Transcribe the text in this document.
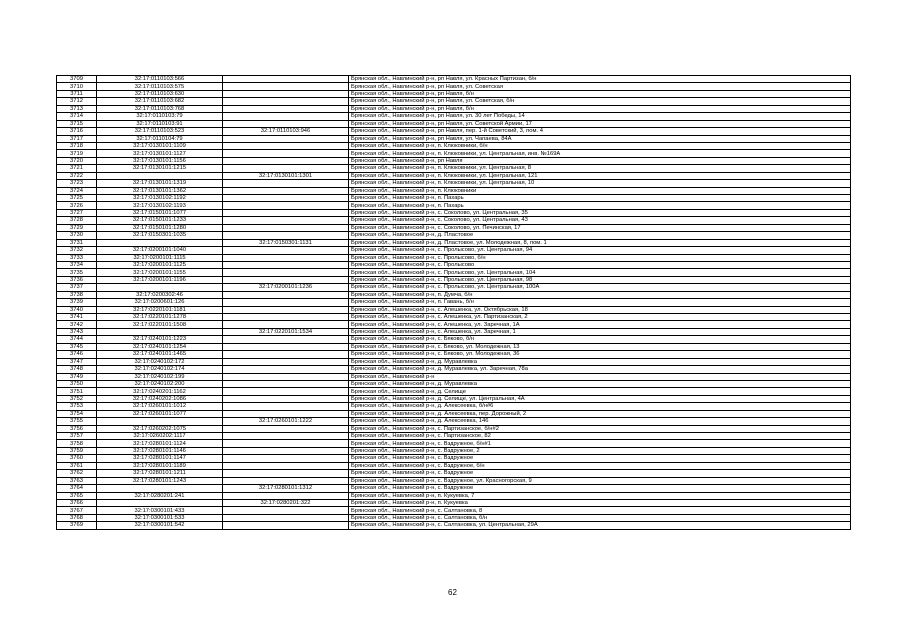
3709	32:17:0110103:566		Брянская обл., Навлинский р-н, рп Навля, ул. Красных Партизан, б/н
3710	32:17:0110103:575		Брянская обл., Навлинский р-н, рп Навля, ул. Советская
3711	32:17:0110103:630		Брянская обл., Навлинский р-н, рп Навля, б/н
3712	32:17:0110103:682		Брянская обл., Навлинский р-н, рп Навля, ул. Советская, б/н
3713	32:17:0110103:768		Брянская обл., Навлинский р-н, рп Навля, б/н
3714	32:17:0110103:79		Брянская обл., Навлинский р-н, рп Навля, ул. 30 лет Победы, 14
3715	32:17:0110103:91		Брянская обл., Навлинский р-н, рп Навля, ул. Советской Армии, 17
3716	32:17:0110103:523	32:17:0110103:946	Брянская обл., Навлинский р-н, рп Навля, пер. 1-й Советский, 3, пом. 4
3717	32:17:0110104:79		Брянская обл., Навлинский р-н, рп Навля, ул. Чапаева, 84А
3718	32:17:0130101:1109		Брянская обл., Навлинский р-н, п. Клюковники, б/н
3719	32:17:0130101:1127		Брянская обл., Навлинский р-н, п. Клюковники, ул. Центральная, инв. №169А
3720	32:17:0130101:1156		Брянская обл., Навлинский р-н, рп Навля
3721	32:17:0130101:1215		Брянская обл., Навлинский р-н, п. Клюковники, ул. Центральная, 8
3722		32:17:0130101:1301	Брянская обл., Навлинский р-н, п. Клюковники, ул. Центральная, 121
3723	32:17:0130101:1319		Брянская обл., Навлинский р-н, п. Клюковники, ул. Центральная, 10
3724	32:17:0130101:1362		Брянская обл., Навлинский р-н, п. Клюковники
3725	32:17:0130102:1192		Брянская обл., Навлинский р-н, п. Пахарь
3726	32:17:0130102:1193		Брянская обл., Навлинский р-н, п. Пахарь
3727	32:17:0150101:1077		Брянская обл., Навлинский р-н, с. Соколово, ул. Центральная, 35
3728	32:17:0150101:1233		Брянская обл., Навлинский р-н, с. Соколово, ул. Центральная, 43
3729	32:17:0150101:1280		Брянская обл., Навлинский р-н, с. Соколово, ул. Печинская, 17
3730	32:17:0150301:1035		Брянская обл., Навлинский р-н, д. Пластовое
3731		32:17:0150301:1131	Брянская обл., Навлинский р-н, д. Пластовое, ул. Молодежная, 8, пом. 1
3732	32:17:0200101:1040		Брянская обл., Навлинский р-н, с. Пролысово, ул. Центральная, 94
3733	32:17:0200101:1115		Брянская обл., Навлинский р-н, с. Пролысово, б/н
3734	32:17:0200101:1125		Брянская обл., Навлинский р-н, с. Пролысово
3735	32:17:0200101:1155		Брянская обл., Навлинский р-н, с. Пролысово, ул. Центральная, 104
3736	32:17:0200101:1196		Брянская обл., Навлинский р-н, с. Пролысово, ул. Центральная, 98
3737		32:17:0200101:1236	Брянская обл., Навлинский р-н, с. Пролысово, ул. Центральная, 100А
3738	32:17:0200302:46		Брянская обл., Навлинский р-н, п. Думча, б/н
3739	32:17:0200601:126		Брянская обл., Навлинский р-н, п. Гавань, б/н
3740	32:17:0220101:1181		Брянская обл., Навлинский р-н, с. Алешенка, ул. Октябрьская, 18
3741	32:17:0220101:1278		Брянская обл., Навлинский р-н, с. Алешенка, ул. Партизанская, 2
3742	32:17:0220101:1508		Брянская обл., Навлинский р-н, с. Алешенка, ул. Заречная, 1А
3743		32:17:0220101:1534	Брянская обл., Навлинский р-н, с. Алешенка, ул. Заречная, 1
3744	32:17:0240101:1223		Брянская обл., Навлинский р-н, с. Бяково, б/н
3745	32:17:0240101:1254		Брянская обл., Навлинский р-н, с. Бяково, ул. Молодежная, 13
3746	32:17:0240101:1465		Брянская обл., Навлинский р-н, с. Бяково, ул. Молодежная, 36
3747	32:17:0240102:172		Брянская обл., Навлинский р-н, д. Муравлевка
3748	32:17:0240102:174		Брянская обл., Навлинский р-н, д. Муравлевка, ул. Заречная, 78а
3749	32:17:0240102:199		Брянская обл., Навлинский р-н
3750	32:17:0240102:200		Брянская обл., Навлинский р-н, д. Муравлевка
3751	32:17:0240201:1162		Брянская обл., Навлинский р-н, д. Селище
3752	32:17:0240202:1086		Брянская обл., Навлинский р-н, д. Селище, ул. Центральная, 4А
3753	32:17:0260101:1012		Брянская обл., Навлинский р-н, д. Алексеевка, б/н#6
3754	32:17:0260101:1077		Брянская обл., Навлинский р-н, д. Алексеевка, пер. Дорожный, 2
3755		32:17:0260101:1222	Брянская обл., Навлинский р-н, д. Алексеевка, 146
3756	32:17:0260202:1075		Брянская обл., Навлинский р-н, с. Партизанское, б/н#2
3757	32:17:0260202:1117		Брянская обл., Навлинский р-н, с. Партизанское, 82
3758	32:17:0280101:1124		Брянская обл., Навлинский р-н, с. Вздружное, б/н#1
3759	32:17:0280101:1146		Брянская обл., Навлинский р-н, с. Вздружное, 2
3760	32:17:0280101:1147		Брянская обл., Навлинский р-н, с. Вздружное
3761	32:17:0280101:1189		Брянская обл., Навлинский р-н, с. Вздружное, б/н
3762	32:17:0280101:1211		Брянская обл., Навлинский р-н, с. Вздружное
3763	32:17:0280101:1243		Брянская обл., Навлинский р-н, с. Вздружное, ул. Красногорская, 9
3764		32:17:0280101:1312	Брянская обл., Навлинский р-н, с. Вздружное
3765	32:17:0280201:241		Брянская обл., Навлинский р-н, п. Кукуевка, 7
3766		32:17:0280201:322	Брянская обл., Навлинский р-н, п. Кукуевка
3767	32:17:0300101:433		Брянская обл., Навлинский р-н, с. Салтановка, 8
3768	32:17:0300101:533		Брянская обл., Навлинский р-н, с. Салтановка, б/н
3769	32:17:0300101:542		Брянская обл., Навлинский р-н, с. Салтановка, ул. Центральная, 29А
62
